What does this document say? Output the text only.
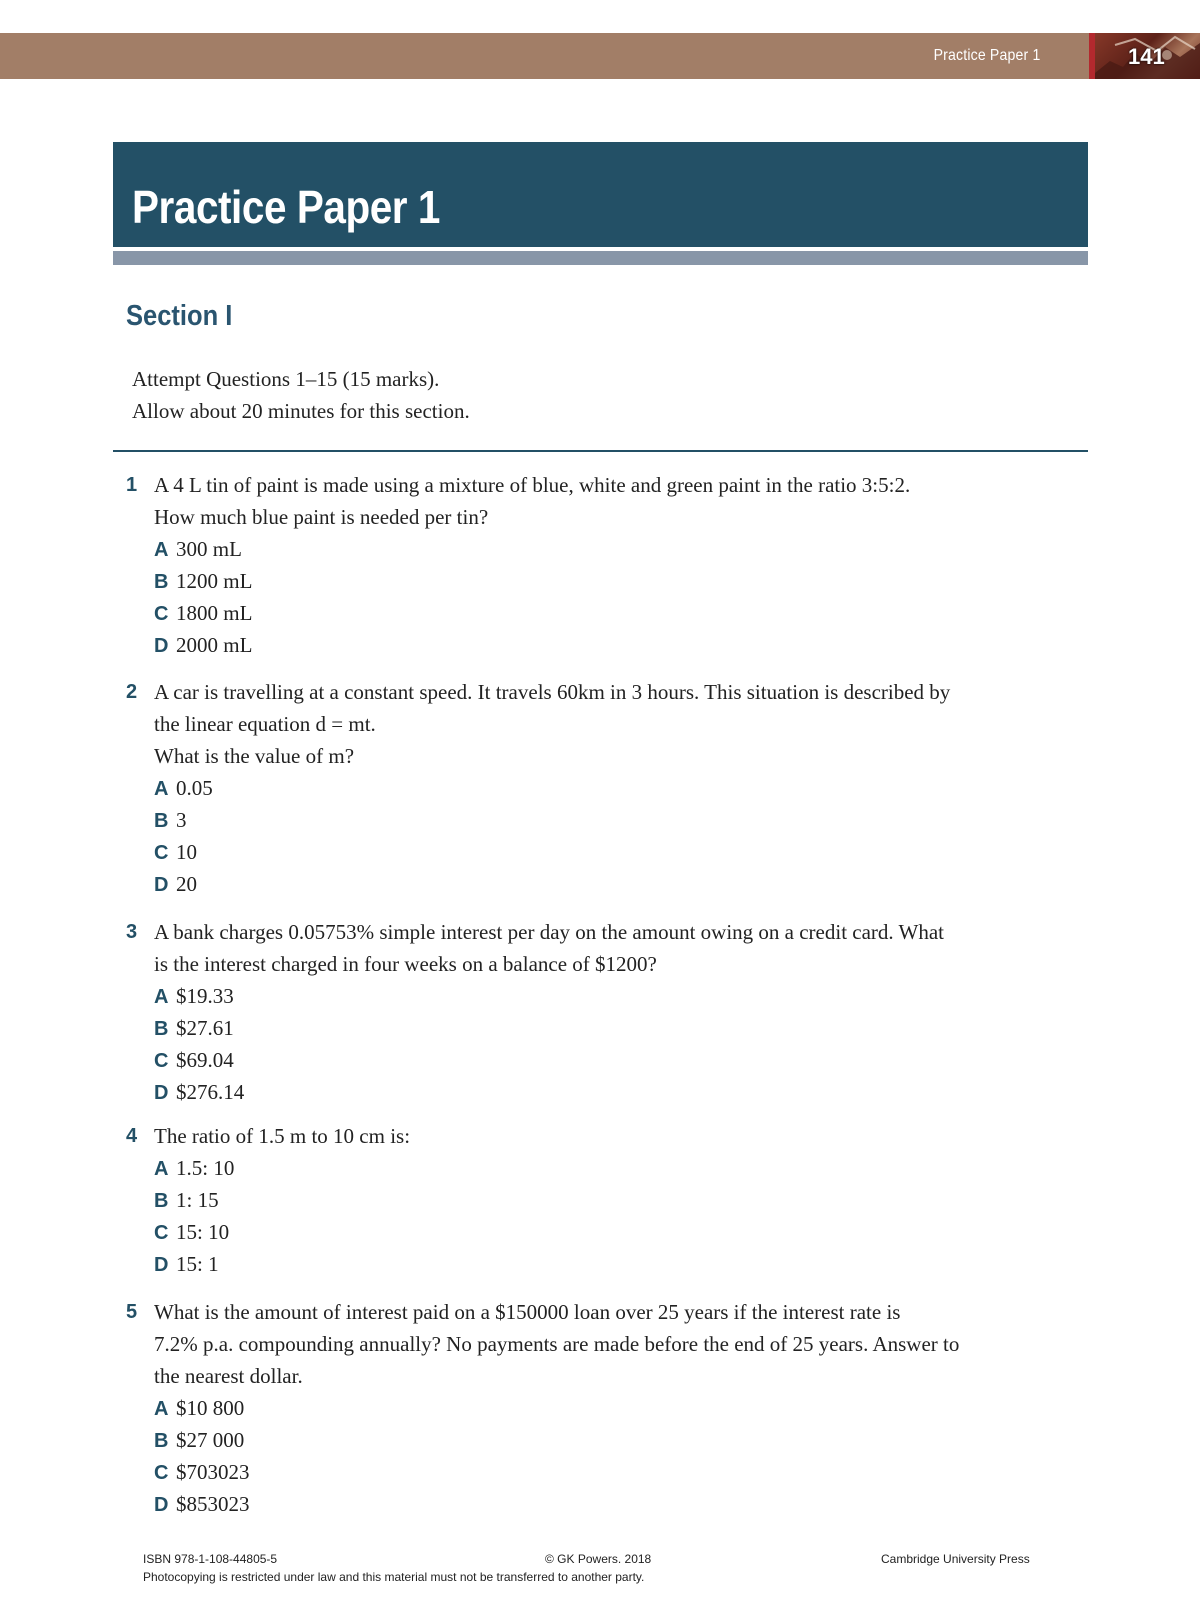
Practice Paper 1	141
Practice Paper 1
Section I
Attempt Questions 1–15 (15 marks).
Allow about 20 minutes for this section.
1 A 4 L tin of paint is made using a mixture of blue, white and green paint in the ratio 3:5:2.
How much blue paint is needed per tin?
A 300 mL
B 1200 mL
C 1800 mL
D 2000 mL
2 A car is travelling at a constant speed. It travels 60km in 3 hours. This situation is described by
the linear equation d = mt.
What is the value of m?
A 0.05
B 3
C 10
D 20
3 A bank charges 0.05753% simple interest per day on the amount owing on a credit card. What
is the interest charged in four weeks on a balance of $1200?
A $19.33
B $27.61
C $69.04
D $276.14
4 The ratio of 1.5 m to 10 cm is:
A 1.5: 10
B 1: 15
C 15: 10
D 15: 1
5 What is the amount of interest paid on a $150000 loan over 25 years if the interest rate is
7.2% p.a. compounding annually? No payments are made before the end of 25 years. Answer to
the nearest dollar.
A $10 800
B $27 000
C $703023
D $853023
ISBN 978-1-108-44805-5	© GK Powers. 2018	Cambridge University Press
Photocopying is restricted under law and this material must not be transferred to another party.
